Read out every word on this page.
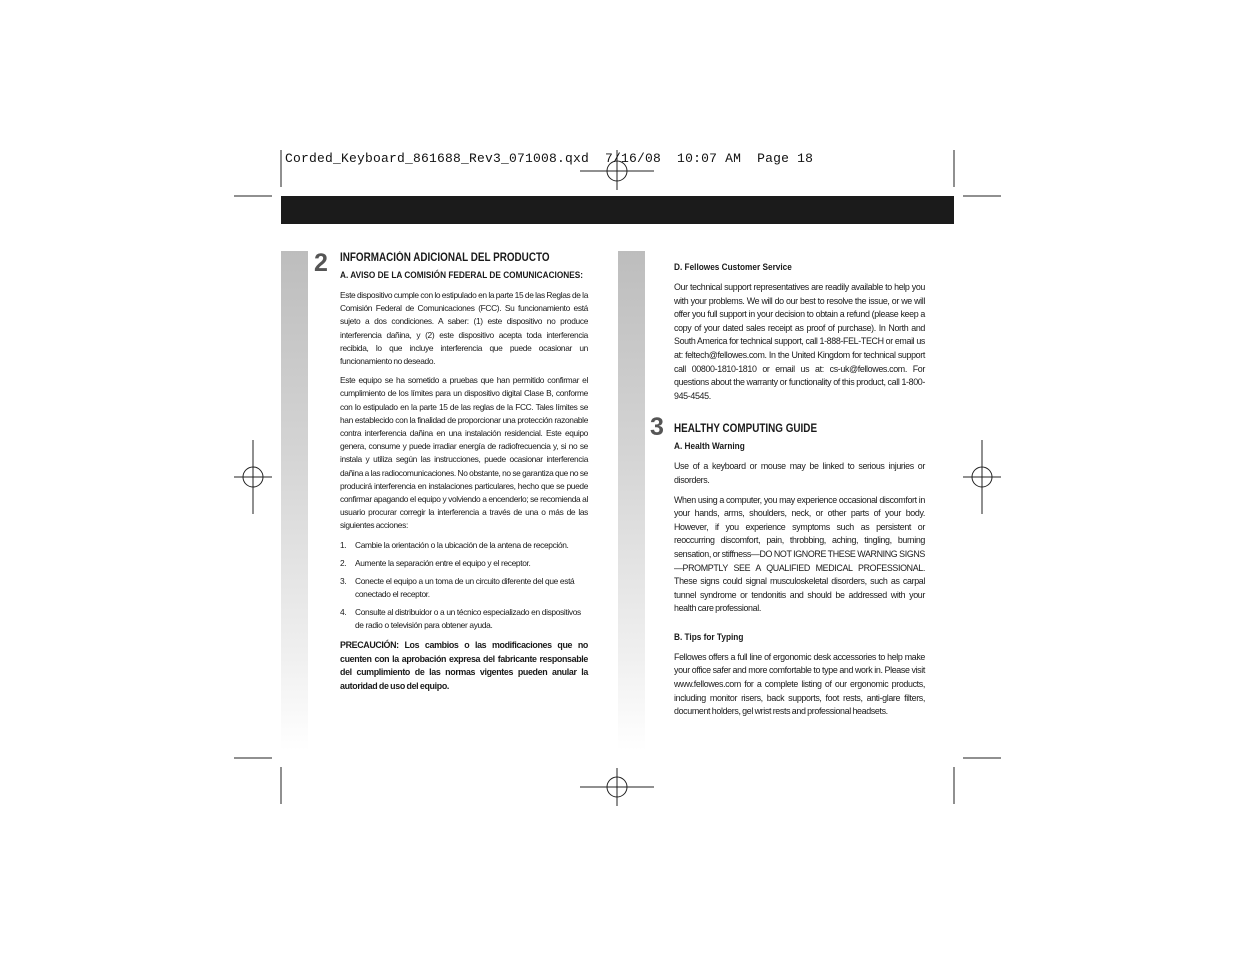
Corded_Keyboard_861688_Rev3_071008.qxd  7/16/08  10:07 AM  Page 18
2
3
INFORMACIÓN ADICIONAL DEL PRODUCTO
A. AVISO DE LA COMISIÓN FEDERAL DE COMUNICACIONES:

Este dispositivo cumple con lo estipulado en la parte 15 de las Reglas de la Comisión Federal de Comunicaciones (FCC). Su funcionamiento está sujeto a dos condiciones. A saber: (1) este dispositivo no produce interferencia dañina, y (2) este dispositivo acepta toda interferencia recibida, lo que incluye interferencia que puede ocasionar un funcionamiento no deseado.

Este equipo se ha sometido a pruebas que han permitido confirmar el cumplimiento de los límites para un dispositivo digital Clase B, conforme con lo estipulado en la parte 15 de las reglas de la FCC. Tales límites se han establecido con la finalidad de proporcionar una protección razonable contra interferencia dañina en una instalación residencial. Este equipo genera, consume y puede irradiar energía de radiofrecuencia y, si no se instala y utiliza según las instrucciones, puede ocasionar interferencia dañina a las radiocomunicaciones. No obstante, no se garantiza que no se producirá interferencia en instalaciones particulares, hecho que se puede confirmar apagando el equipo y volviendo a encenderlo; se recomienda al usuario procurar corregir la interferencia a través de una o más de las siguientes acciones:

1. Cambie la orientación o la ubicación de la antena de recepción.
2. Aumente la separación entre el equipo y el receptor.
3. Conecte el equipo a un toma de un circuito diferente del que está conectado el receptor.
4. Consulte al distribuidor o a un técnico especializado en dispositivos de radio o televisión para obtener ayuda.

PRECAUCIÓN: Los cambios o las modificaciones que no cuenten con la aprobación expresa del fabricante responsable del cumplimiento de las normas vigentes pueden anular la autoridad de uso del equipo.

D. Fellowes Customer Service

Our technical support representatives are readily available to help you with your problems. We will do our best to resolve the issue, or we will offer you full support in your decision to obtain a refund (please keep a copy of your dated sales receipt as proof of purchase). In North and South America for technical support, call 1-888-FEL-TECH or email us at: feltech@fellowes.com. In the United Kingdom for technical support call 00800-1810-1810 or email us at: cs-uk@fellowes.com. For questions about the warranty or functionality of this product, call 1-800-945-4545.

HEALTHY COMPUTING GUIDE
A. Health Warning

Use of a keyboard or mouse may be linked to serious injuries or disorders.

When using a computer, you may experience occasional discomfort in your hands, arms, shoulders, neck, or other parts of your body. However, if you experience symptoms such as persistent or reoccurring discomfort, pain, throbbing, aching, tingling, burning sensation, or stiffness—DO NOT IGNORE THESE WARNING SIGNS—PROMPTLY SEE A QUALIFIED MEDICAL PROFESSIONAL. These signs could signal musculoskeletal disorders, such as carpal tunnel syndrome or tendonitis and should be addressed with your health care professional.

B. Tips for Typing

Fellowes offers a full line of ergonomic desk accessories to help make your office safer and more comfortable to type and work in. Please visit www.fellowes.com for a complete listing of our ergonomic products, including monitor risers, back supports, foot rests, anti-glare filters, document holders, gel wrist rests and professional headsets.
